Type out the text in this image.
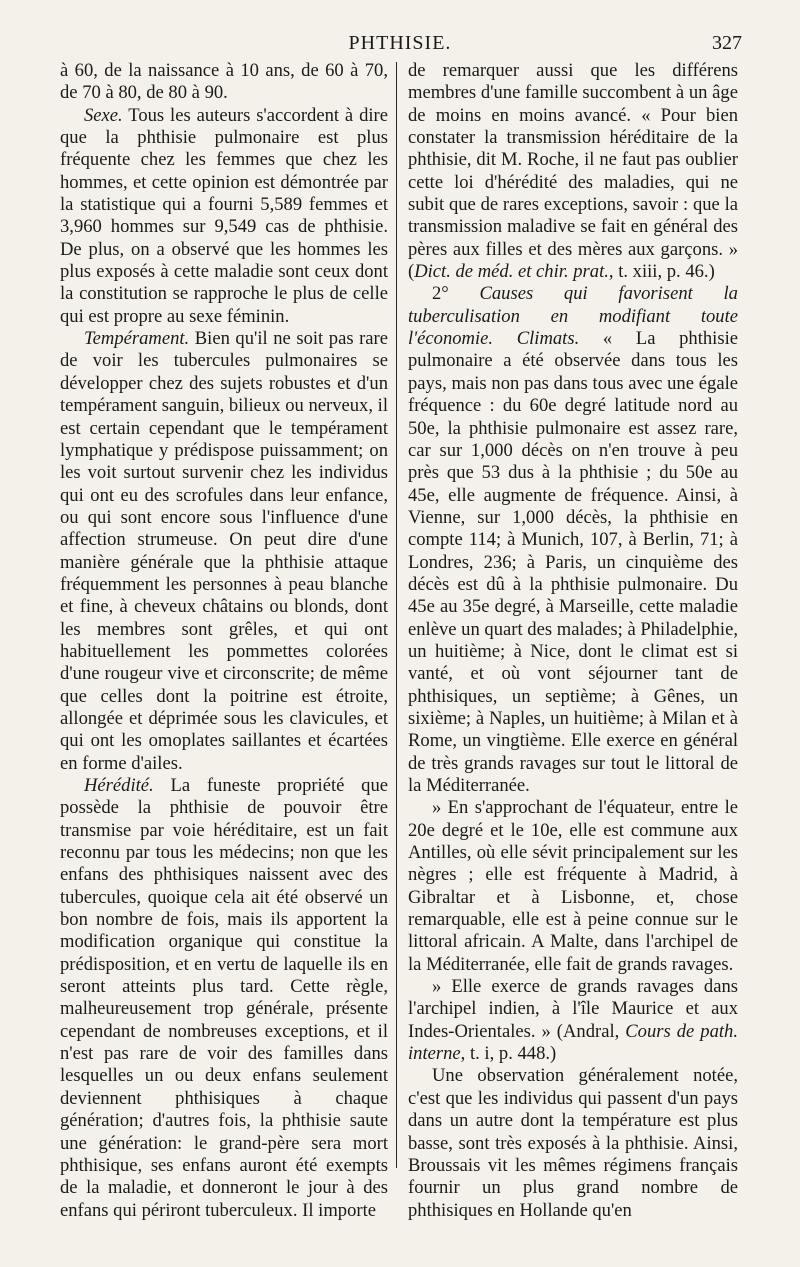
PHTHISIE.	327

à 60, de la naissance à 10 ans, de 60 à 70, de 70 à 80, de 80 à 90.

Sexe. Tous les auteurs s'accordent à dire que la phthisie pulmonaire est plus fréquente chez les femmes que chez les hommes, et cette opinion est démontrée par la statistique qui a fourni 5,589 femmes et 3,960 hommes sur 9,549 cas de phthisie. De plus, on a observé que les hommes les plus exposés à cette maladie sont ceux dont la constitution se rapproche le plus de celle qui est propre au sexe féminin.

Tempérament. Bien qu'il ne soit pas rare de voir les tubercules pulmonaires se développer chez des sujets robustes et d'un tempérament sanguin, bilieux ou nerveux, il est certain cependant que le tempérament lymphatique y prédispose puissamment; on les voit surtout survenir chez les individus qui ont eu des scrofules dans leur enfance, ou qui sont encore sous l'influence d'une affection strumeuse. On peut dire d'une manière générale que la phthisie attaque fréquemment les personnes à peau blanche et fine, à cheveux châtains ou blonds, dont les membres sont grêles, et qui ont habituellement les pommettes colorées d'une rougeur vive et circonscrite; de même que celles dont la poitrine est étroite, allongée et déprimée sous les clavicules, et qui ont les omoplates saillantes et écartées en forme d'ailes.

Hérédité. La funeste propriété que possède la phthisie de pouvoir être transmise par voie héréditaire, est un fait reconnu par tous les médecins; non que les enfans des phthisiques naissent avec des tubercules, quoique cela ait été observé un bon nombre de fois, mais ils apportent la modification organique qui constitue la prédisposition, et en vertu de laquelle ils en seront atteints plus tard. Cette règle, malheureusement trop générale, présente cependant de nombreuses exceptions, et il n'est pas rare de voir des familles dans lesquelles un ou deux enfans seulement deviennent phthisiques à chaque génération; d'autres fois, la phthisie saute une génération: le grand-père sera mort phthisique, ses enfans auront été exempts de la maladie, et donneront le jour à des enfans qui périront tuberculeux. Il importe

de remarquer aussi que les différens membres d'une famille succombent à un âge de moins en moins avancé. « Pour bien constater la transmission héréditaire de la phthisie, dit M. Roche, il ne faut pas oublier cette loi d'hérédité des maladies, qui ne subit que de rares exceptions, savoir : que la transmission maladive se fait en général des pères aux filles et des mères aux garçons. » (Dict. de méd. et chir. prat., t. xiii, p. 46.)

2° Causes qui favorisent la tuberculisation en modifiant toute l'économie. Climats. « La phthisie pulmonaire a été observée dans tous les pays, mais non pas dans tous avec une égale fréquence : du 60e degré latitude nord au 50e, la phthisie pulmonaire est assez rare, car sur 1,000 décès on n'en trouve à peu près que 53 dus à la phthisie ; du 50e au 45e, elle augmente de fréquence. Ainsi, à Vienne, sur 1,000 décès, la phthisie en compte 114; à Munich, 107, à Berlin, 71; à Londres, 236; à Paris, un cinquième des décès est dû à la phthisie pulmonaire. Du 45e au 35e degré, à Marseille, cette maladie enlève un quart des malades; à Philadelphie, un huitième; à Nice, dont le climat est si vanté, et où vont séjourner tant de phthisiques, un septième; à Gênes, un sixième; à Naples, un huitième; à Milan et à Rome, un vingtième. Elle exerce en général de très grands ravages sur tout le littoral de la Méditerranée.

» En s'approchant de l'équateur, entre le 20e degré et le 10e, elle est commune aux Antilles, où elle sévit principalement sur les nègres ; elle est fréquente à Madrid, à Gibraltar et à Lisbonne, et, chose remarquable, elle est à peine connue sur le littoral africain. A Malte, dans l'archipel de la Méditerranée, elle fait de grands ravages.

» Elle exerce de grands ravages dans l'archipel indien, à l'île Maurice et aux Indes-Orientales. » (Andral, Cours de path. interne, t. i, p. 448.)

Une observation généralement notée, c'est que les individus qui passent d'un pays dans un autre dont la température est plus basse, sont très exposés à la phthisie. Ainsi, Broussais vit les mêmes régimens français fournir un plus grand nombre de phthisiques en Hollande qu'en
